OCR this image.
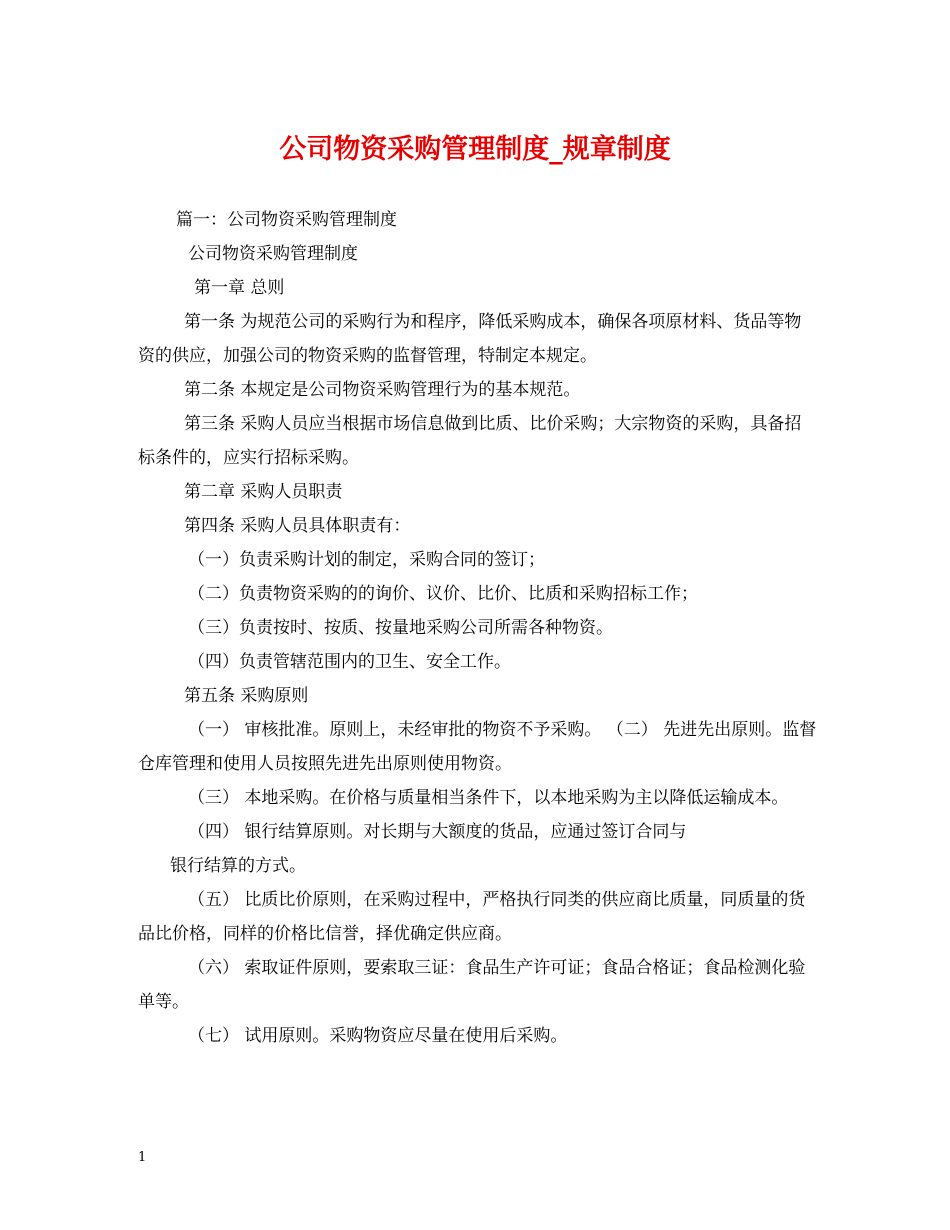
公司物资采购管理制度_规章制度

篇一：公司物资采购管理制度

公司物资采购管理制度

第一章 总则

第一条 为规范公司的采购行为和程序，降低采购成本，确保各项原材料、货品等物资的供应，加强公司的物资采购的监督管理，特制定本规定。

第二条 本规定是公司物资采购管理行为的基本规范。

第三条 采购人员应当根据市场信息做到比质、比价采购；大宗物资的采购，具备招标条件的，应实行招标采购。

第二章 采购人员职责

第四条 采购人员具体职责有：

（一）负责采购计划的制定，采购合同的签订；

（二）负责物资采购的的询价、议价、比价、比质和采购招标工作；

（三）负责按时、按质、按量地采购公司所需各种物资。

（四）负责管辖范围内的卫生、安全工作。

第五条 采购原则

（一） 审核批准。原则上，未经审批的物资不予采购。 （二） 先进先出原则。监督仓库管理和使用人员按照先进先出原则使用物资。

（三） 本地采购。在价格与质量相当条件下，以本地采购为主以降低运输成本。

（四） 银行结算原则。对长期与大额度的货品，应通过签订合同与

银行结算的方式。

（五） 比质比价原则，在采购过程中，严格执行同类的供应商比质量，同质量的货品比价格，同样的价格比信誉，择优确定供应商。

（六） 索取证件原则，要索取三证：食品生产许可证；食品合格证；食品检测化验单等。

（七） 试用原则。采购物资应尽量在使用后采购。

1
